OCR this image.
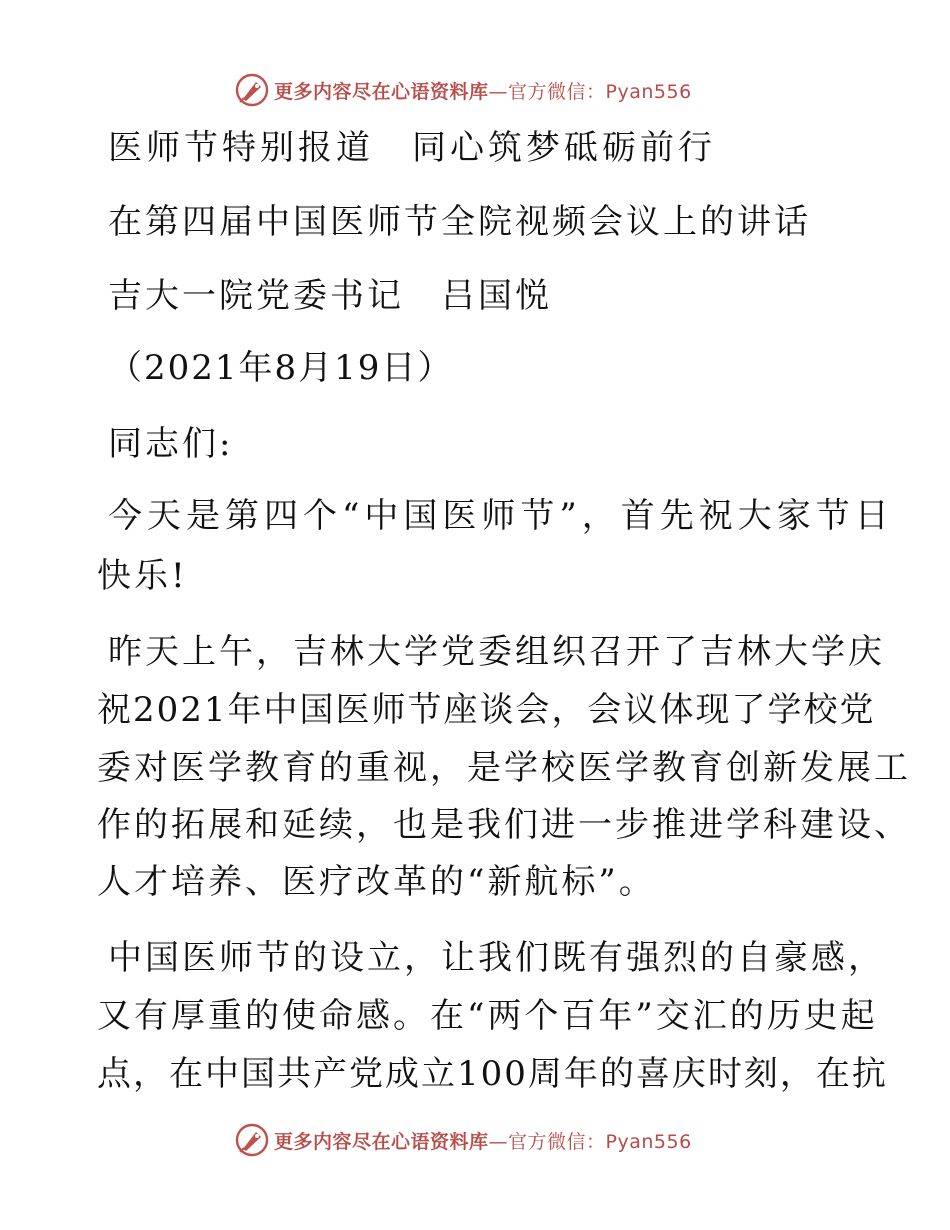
更多内容尽在心语资料库 —官方微信：Pyan556
医师节特别报道　同心筑梦砥砺前行
在第四届中国医师节全院视频会议上的讲话
吉大一院党委书记　吕国悦
（2021年8月19日）
同志们:
今天是第四个“中国医师节”，首先祝大家节日
快乐!
昨天上午，吉林大学党委组织召开了吉林大学庆
祝2021年中国医师节座谈会，会议体现了学校党
委对医学教育的重视，是学校医学教育创新发展工
作的拓展和延续，也是我们进一步推进学科建设、
人才培养、医疗改革的“新航标”。
中国医师节的设立，让我们既有强烈的自豪感，
又有厚重的使命感。在“两个百年”交汇的历史起
点，在中国共产党成立100周年的喜庆时刻，在抗
更多内容尽在心语资料库 —官方微信：Pyan556
